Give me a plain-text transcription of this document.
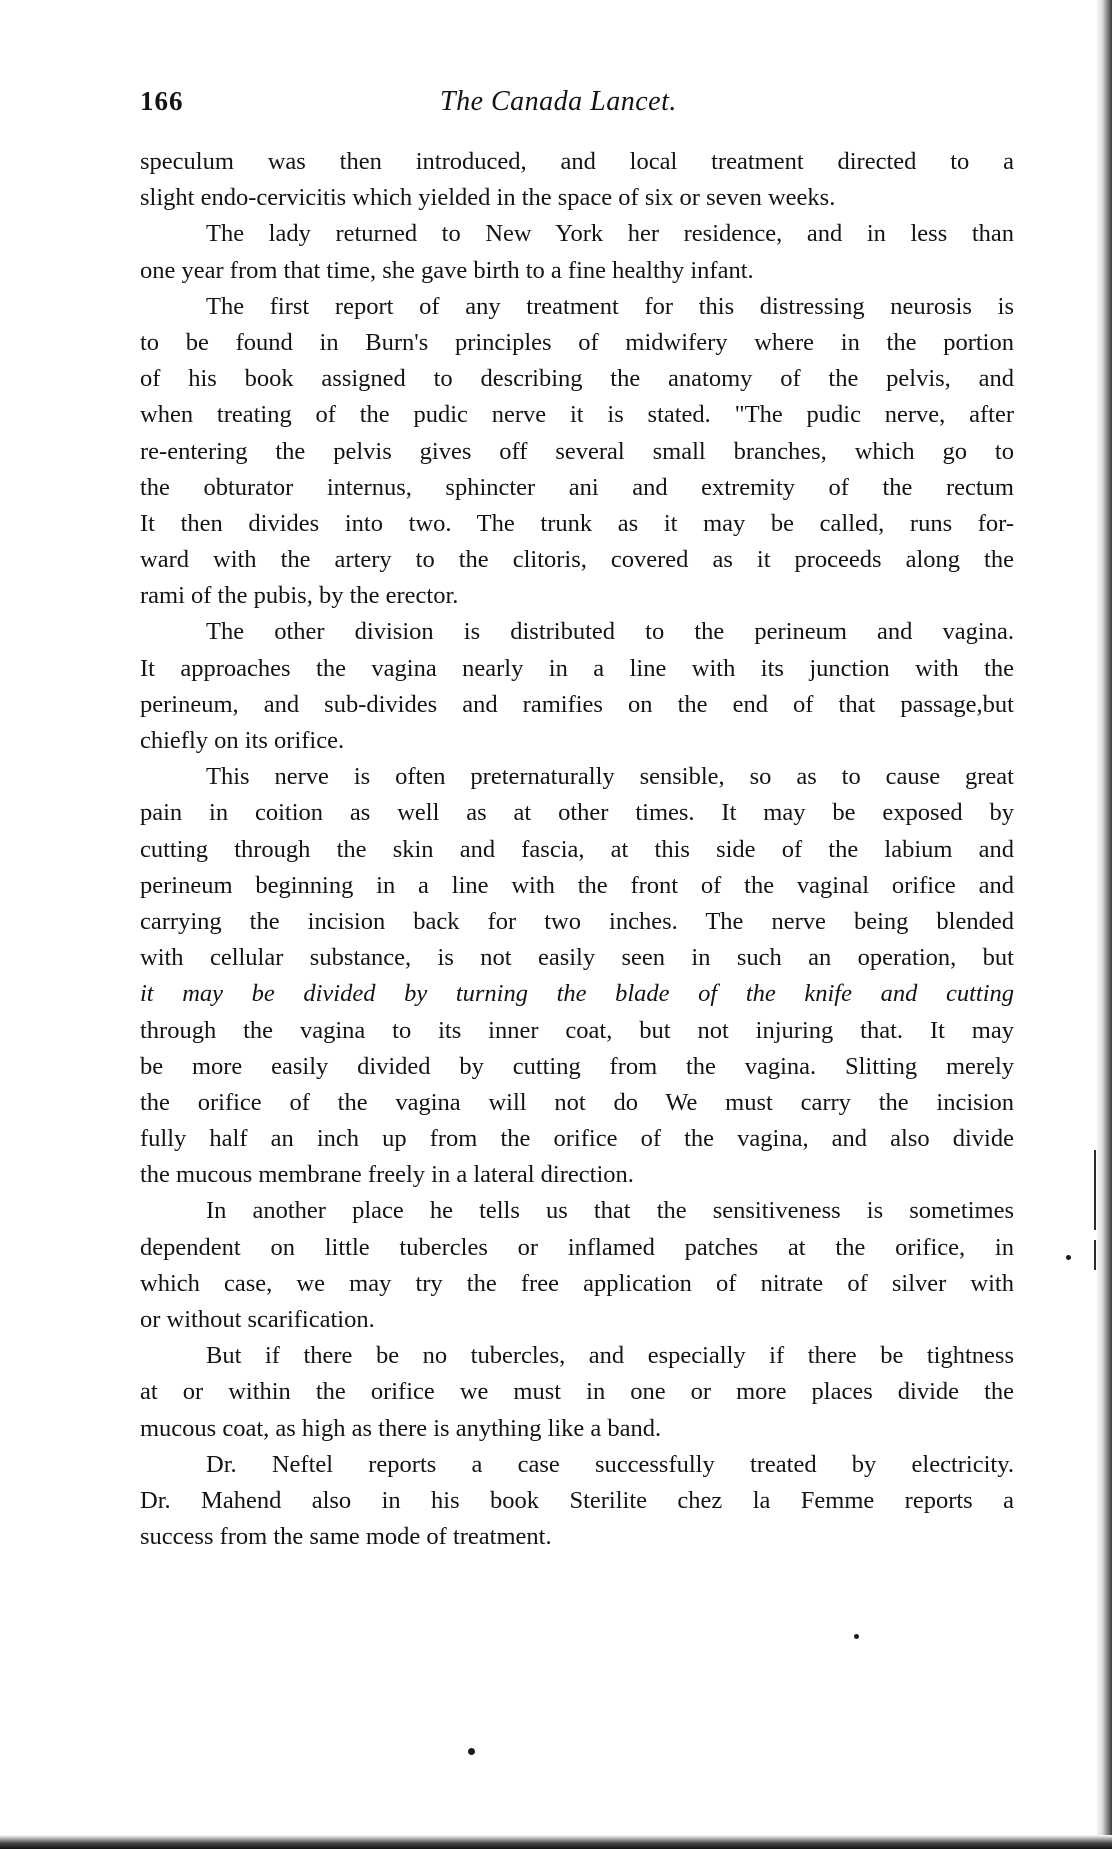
166	The Canada Lancet.
speculum was then introduced, and local treatment directed to a
slight endo-cervicitis which yielded in the space of six or seven weeks.
The lady returned to New York her residence, and in less than
one year from that time, she gave birth to a fine healthy infant.
The first report of any treatment for this distressing neurosis is
to be found in Burn's principles of midwifery where in the portion
of his book assigned to describing the anatomy of the pelvis, and
when treating of the pudic nerve it is stated. "The pudic nerve, after
re-entering the pelvis gives off several small branches, which go to
the obturator internus, sphincter ani and extremity of the rectum
It then divides into two. The trunk as it may be called, runs for-
ward with the artery to the clitoris, covered as it proceeds along the
rami of the pubis, by the erector.
The other division is distributed to the perineum and vagina.
It approaches the vagina nearly in a line with its junction with the
perineum, and sub-divides and ramifies on the end of that passage,but
chiefly on its orifice.
This nerve is often preternaturally sensible, so as to cause great
pain in coition as well as at other times. It may be exposed by
cutting through the skin and fascia, at this side of the labium and
perineum beginning in a line with the front of the vaginal orifice and
carrying the incision back for two inches. The nerve being blended
with cellular substance, is not easily seen in such an operation, but
it may be divided by turning the blade of the knife and cutting
through the vagina to its inner coat, but not injuring that. It may
be more easily divided by cutting from the vagina. Slitting merely
the orifice of the vagina will not do We must carry the incision
fully half an inch up from the orifice of the vagina, and also divide
the mucous membrane freely in a lateral direction.
In another place he tells us that the sensitiveness is sometimes
dependent on little tubercles or inflamed patches at the orifice, in
which case, we may try the free application of nitrate of silver with
or without scarification.
But if there be no tubercles, and especially if there be tightness
at or within the orifice we must in one or more places divide the
mucous coat, as high as there is anything like a band.
Dr. Neftel reports a case successfully treated by electricity.
Dr. Mahend also in his book Sterilite chez la Femme reports a
success from the same mode of treatment.
